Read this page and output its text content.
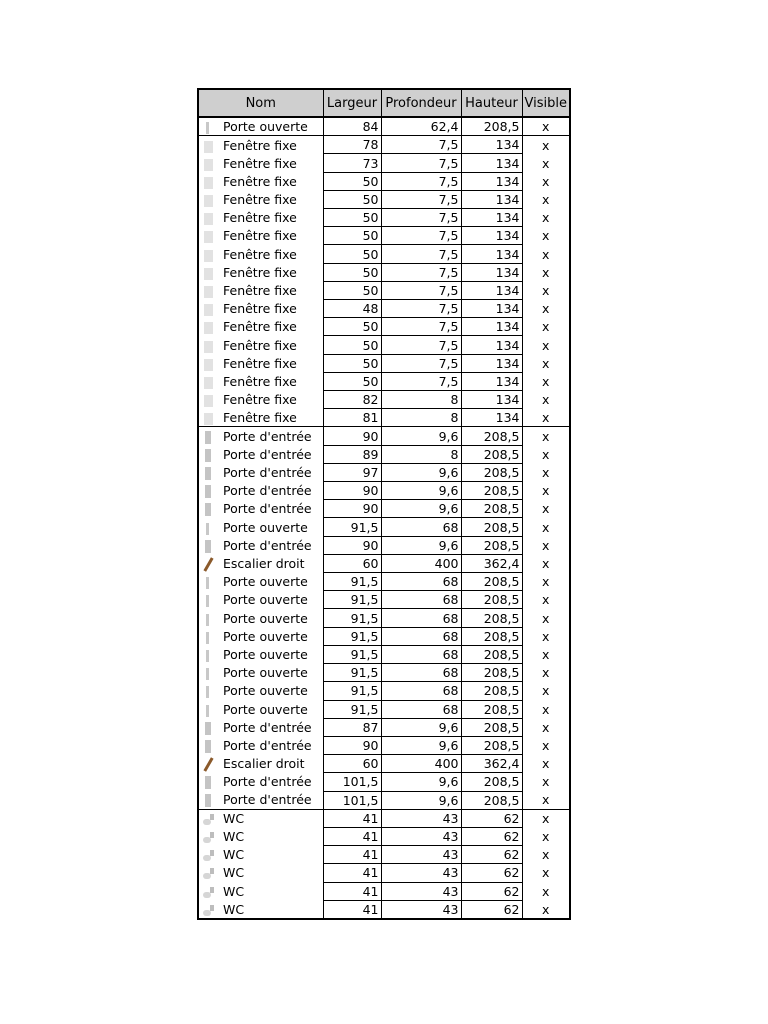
Nom	Largeur	Profondeur	Hauteur	Visible
Porte ouverte	84	62,4	208,5	x
Fenêtre fixe	78	7,5	134	x
Fenêtre fixe	73	7,5	134	x
Fenêtre fixe	50	7,5	134	x
Fenêtre fixe	50	7,5	134	x
Fenêtre fixe	50	7,5	134	x
Fenêtre fixe	50	7,5	134	x
Fenêtre fixe	50	7,5	134	x
Fenêtre fixe	50	7,5	134	x
Fenêtre fixe	50	7,5	134	x
Fenêtre fixe	48	7,5	134	x
Fenêtre fixe	50	7,5	134	x
Fenêtre fixe	50	7,5	134	x
Fenêtre fixe	50	7,5	134	x
Fenêtre fixe	50	7,5	134	x
Fenêtre fixe	82	8	134	x
Fenêtre fixe	81	8	134	x
Porte d'entrée	90	9,6	208,5	x
Porte d'entrée	89	8	208,5	x
Porte d'entrée	97	9,6	208,5	x
Porte d'entrée	90	9,6	208,5	x
Porte d'entrée	90	9,6	208,5	x
Porte ouverte	91,5	68	208,5	x
Porte d'entrée	90	9,6	208,5	x
Escalier droit	60	400	362,4	x
Porte ouverte	91,5	68	208,5	x
Porte ouverte	91,5	68	208,5	x
Porte ouverte	91,5	68	208,5	x
Porte ouverte	91,5	68	208,5	x
Porte ouverte	91,5	68	208,5	x
Porte ouverte	91,5	68	208,5	x
Porte ouverte	91,5	68	208,5	x
Porte ouverte	91,5	68	208,5	x
Porte d'entrée	87	9,6	208,5	x
Porte d'entrée	90	9,6	208,5	x
Escalier droit	60	400	362,4	x
Porte d'entrée	101,5	9,6	208,5	x
Porte d'entrée	101,5	9,6	208,5	x
WC	41	43	62	x
WC	41	43	62	x
WC	41	43	62	x
WC	41	43	62	x
WC	41	43	62	x
WC	41	43	62	x
